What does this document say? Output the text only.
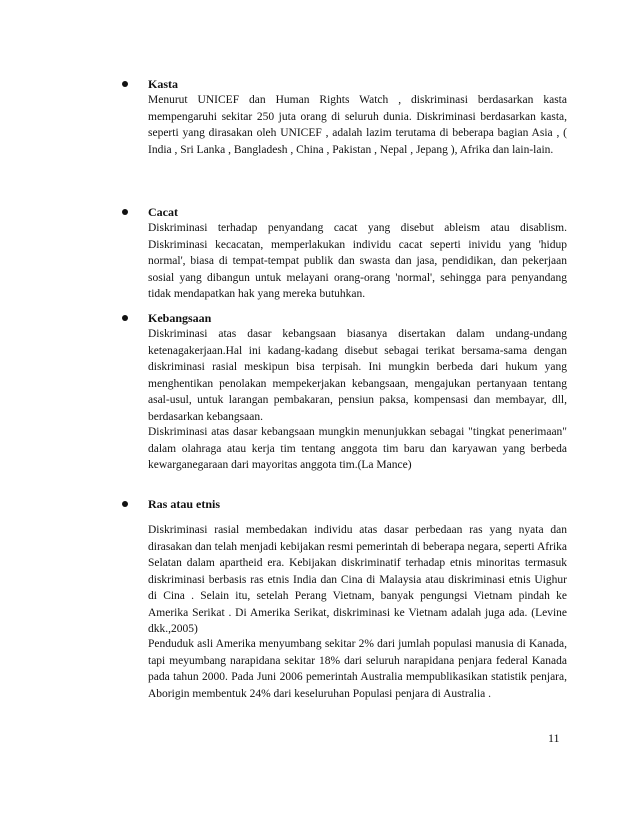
Kasta
Menurut UNICEF dan Human Rights Watch , diskriminasi berdasarkan kasta mempengaruhi sekitar 250 juta orang di seluruh dunia. Diskriminasi berdasarkan kasta, seperti yang dirasakan oleh UNICEF , adalah lazim terutama di beberapa bagian Asia , ( India , Sri Lanka , Bangladesh , China , Pakistan , Nepal , Jepang ), Afrika dan lain-lain.
Cacat
Diskriminasi terhadap penyandang cacat yang disebut ableism atau disablism. Diskriminasi kecacatan, memperlakukan individu cacat seperti inividu yang 'hidup normal', biasa di tempat-tempat publik dan swasta dan jasa, pendidikan, dan pekerjaan sosial yang dibangun untuk melayani orang-orang 'normal', sehingga para penyandang tidak mendapatkan hak yang mereka butuhkan.
Kebangsaan
Diskriminasi atas dasar kebangsaan biasanya disertakan dalam undang-undang ketenagakerjaan.Hal ini kadang-kadang disebut sebagai terikat bersama-sama dengan diskriminasi rasial meskipun bisa terpisah. Ini mungkin berbeda dari hukum yang menghentikan penolakan mempekerjakan kebangsaan, mengajukan pertanyaan tentang asal-usul, untuk larangan pembakaran, pensiun paksa, kompensasi dan membayar, dll, berdasarkan kebangsaan.
Diskriminasi atas dasar kebangsaan mungkin menunjukkan sebagai "tingkat penerimaan" dalam olahraga atau kerja tim tentang anggota tim baru dan karyawan yang berbeda kewarganegaraan dari mayoritas anggota tim.(La Mance)
Ras atau etnis
Diskriminasi rasial membedakan individu atas dasar perbedaan ras yang nyata dan dirasakan dan telah menjadi kebijakan resmi pemerintah di beberapa negara, seperti Afrika Selatan dalam apartheid era. Kebijakan diskriminatif terhadap etnis minoritas termasuk diskriminasi berbasis ras etnis India dan Cina di Malaysia atau diskriminasi etnis Uighur di Cina . Selain itu, setelah Perang Vietnam, banyak pengungsi Vietnam pindah ke Amerika Serikat . Di Amerika Serikat, diskriminasi ke Vietnam adalah juga ada. (Levine dkk.,2005)
Penduduk asli Amerika menyumbang sekitar 2% dari jumlah populasi manusia di Kanada, tapi meyumbang narapidana sekitar 18% dari seluruh narapidana penjara federal Kanada pada tahun 2000. Pada Juni 2006 pemerintah Australia mempublikasikan statistik penjara, Aborigin membentuk 24% dari keseluruhan Populasi penjara di Australia .
11
